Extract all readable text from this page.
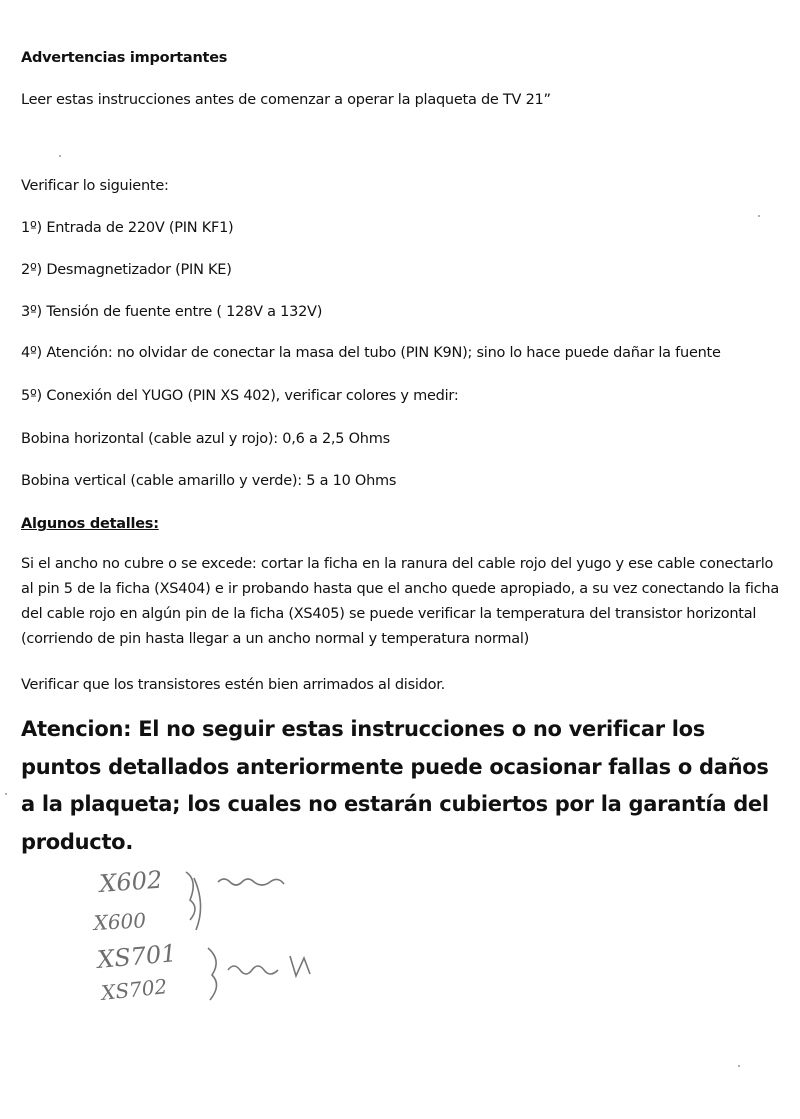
Advertencias importantes

Leer estas instrucciones antes de comenzar a operar la plaqueta de TV 21”

Verificar lo siguiente:

1º) Entrada de 220V (PIN KF1)

2º) Desmagnetizador (PIN KE)

3º) Tensión de fuente entre ( 128V a 132V)

4º) Atención: no olvidar de conectar la masa del tubo (PIN K9N); sino lo hace puede dañar la fuente

5º) Conexión del YUGO (PIN XS 402), verificar colores y medir:

Bobina horizontal (cable azul y rojo): 0,6 a 2,5 Ohms

Bobina vertical (cable amarillo y verde): 5 a 10 Ohms

Algunos detalles:

Si el ancho no cubre o se excede: cortar la ficha en la ranura del cable rojo del yugo y ese cable conectarlo al pin 5 de la ficha (XS404) e ir probando hasta que el ancho quede apropiado, a su vez conectando la ficha del cable rojo en algún pin de la ficha (XS405) se puede verificar la temperatura del transistor horizontal (corriendo de pin hasta llegar a un ancho normal y temperatura normal)

Verificar que los transistores estén bien arrimados al disidor.

Atencion: El no seguir estas instrucciones o no verificar los puntos detallados anteriormente puede ocasionar fallas o daños a la plaqueta; los cuales no estarán cubiertos por la garantía del producto.

X602
X600
XS701
XS702
